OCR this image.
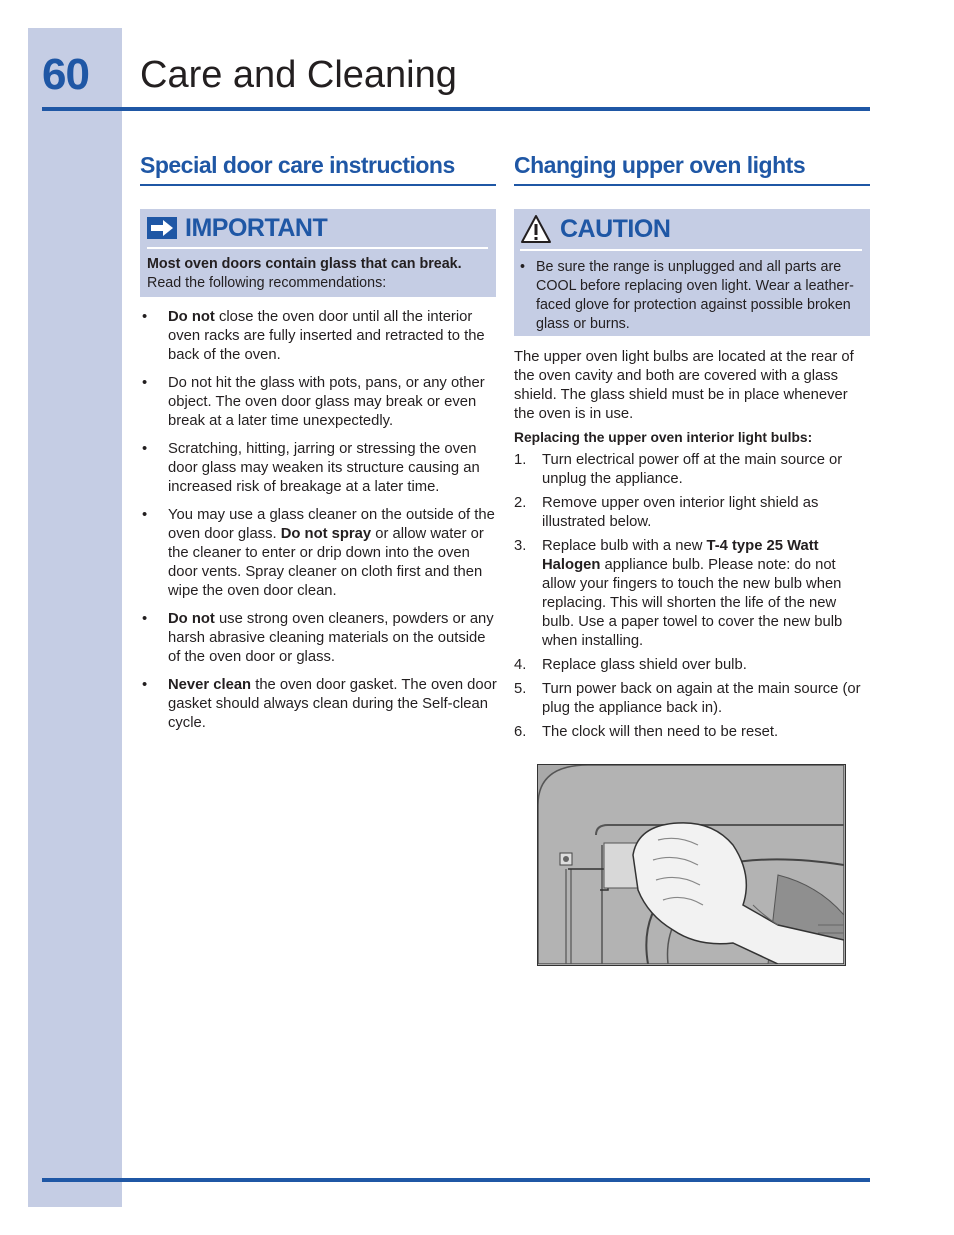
60 Care and Cleaning
Special door care instructions
IMPORTANT
Most oven doors contain glass that can break. Read the following recommendations:
• Do not close the oven door until all the interior oven racks are fully inserted and retracted to the back of the oven.
• Do not hit the glass with pots, pans, or any other object. The oven door glass may break or even break at a later time unexpectedly.
• Scratching, hitting, jarring or stressing the oven door glass may weaken its structure causing an increased risk of breakage at a later time.
• You may use a glass cleaner on the outside of the oven door glass. Do not spray or allow water or the cleaner to enter or drip down into the oven door vents. Spray cleaner on cloth first and then wipe the oven door clean.
• Do not use strong oven cleaners, powders or any harsh abrasive cleaning materials on the outside of the oven door or glass.
• Never clean the oven door gasket. The oven door gasket should always clean during the Self-clean cycle.
Changing upper oven lights
CAUTION
• Be sure the range is unplugged and all parts are COOL before replacing oven light. Wear a leather-faced glove for protection against possible broken glass or burns.

The upper oven light bulbs are located at the rear of the oven cavity and both are covered with a glass shield. The glass shield must be in place whenever the oven is in use.

Replacing the upper oven interior light bulbs:

1. Turn electrical power off at the main source or unplug the appliance.
2. Remove upper oven interior light shield as illustrated below.
3. Replace bulb with a new T-4 type 25 Watt Halogen appliance bulb. Please note: do not allow your fingers to touch the new bulb when replacing. This will shorten the life of the new bulb. Use a paper towel to cover the new bulb when installing.
4. Replace glass shield over bulb.
5. Turn power back on again at the main source (or plug the appliance back in).
6. The clock will then need to be reset.
